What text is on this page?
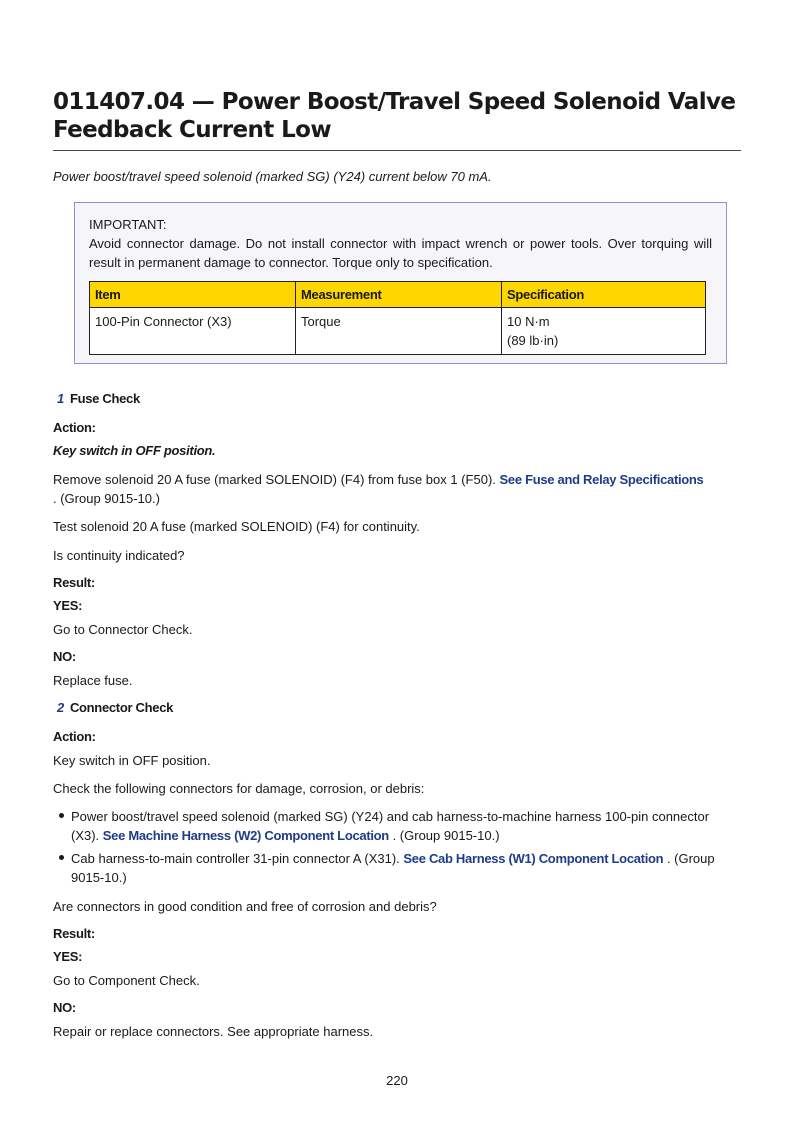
011407.04 — Power Boost/Travel Speed Solenoid Valve Feedback Current Low

Power boost/travel speed solenoid (marked SG) (Y24) current below 70 mA.

IMPORTANT:
Avoid connector damage. Do not install connector with impact wrench or power tools. Over torquing will result in permanent damage to connector. Torque only to specification.
Item	Measurement	Specification
100-Pin Connector (X3)	Torque	10 N·m
(89 lb·in)
1 Fuse Check
Action:
Key switch in OFF position.
Remove solenoid 20 A fuse (marked SOLENOID) (F4) from fuse box 1 (F50). See Fuse and Relay Specifications
. (Group 9015-10.)
Test solenoid 20 A fuse (marked SOLENOID) (F4) for continuity.
Is continuity indicated?
Result:
YES:
Go to Connector Check.
NO:
Replace fuse.
2 Connector Check
Action:
Key switch in OFF position.
Check the following connectors for damage, corrosion, or debris:
Power boost/travel speed solenoid (marked SG) (Y24) and cab harness-to-machine harness 100-pin connector (X3). See Machine Harness (W2) Component Location . (Group 9015-10.)
Cab harness-to-main controller 31-pin connector A (X31). See Cab Harness (W1) Component Location . (Group 9015-10.)
Are connectors in good condition and free of corrosion and debris?
Result:
YES:
Go to Component Check.
NO:
Repair or replace connectors. See appropriate harness.
220
